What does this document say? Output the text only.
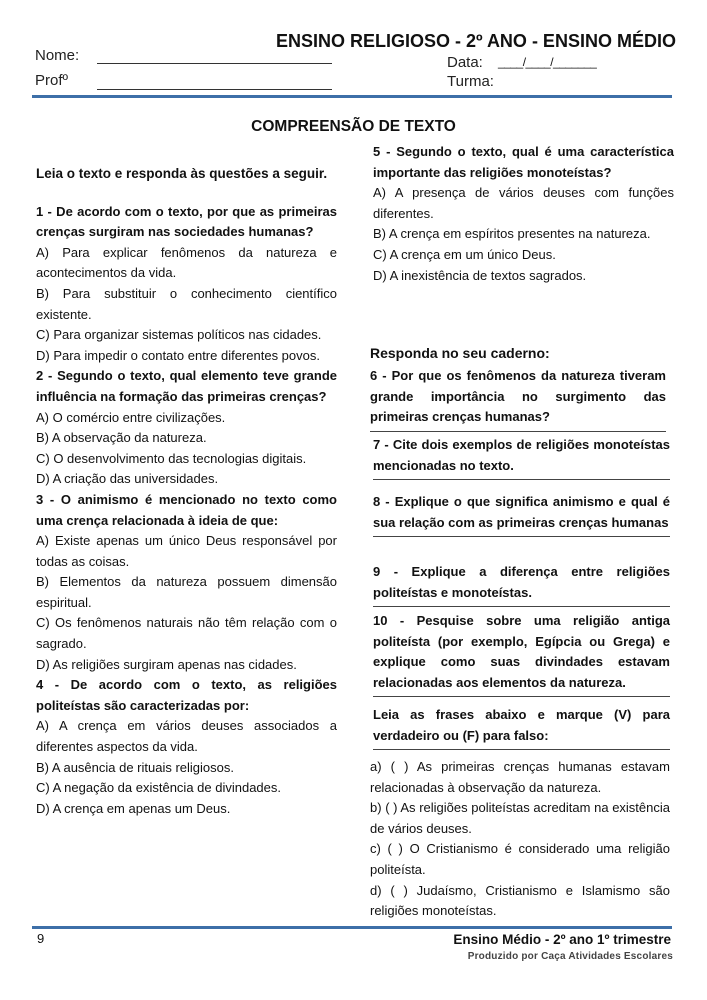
ENSINO RELIGIOSO - 2º ANO - ENSINO MÉDIO
Nome:
Profº
Data: ____/____/_______
Turma:
COMPREENSÃO DE TEXTO

Leia o texto e responda às questões a seguir.

1 - De acordo com o texto, por que as primeiras crenças surgiram nas sociedades humanas?

A) Para explicar fenômenos da natureza e acontecimentos da vida.

B) Para substituir o conhecimento científico existente.

C) Para organizar sistemas políticos nas cidades.

D) Para impedir o contato entre diferentes povos.

2 - Segundo o texto, qual elemento teve grande influência na formação das primeiras crenças?

A) O comércio entre civilizações.

B) A observação da natureza.

C) O desenvolvimento das tecnologias digitais.

D) A criação das universidades.

3 - O animismo é mencionado no texto como uma crença relacionada à ideia de que:

A) Existe apenas um único Deus responsável por todas as coisas.

B) Elementos da natureza possuem dimensão espiritual.

C) Os fenômenos naturais não têm relação com o sagrado.

D) As religiões surgiram apenas nas cidades.

4 - De acordo com o texto, as religiões politeístas são caracterizadas por:

A) A crença em vários deuses associados a diferentes aspectos da vida.

B) A ausência de rituais religiosos.

C) A negação da existência de divindades.

D) A crença em apenas um Deus.

5 - Segundo o texto, qual é uma característica importante das religiões monoteístas?

A) A presença de vários deuses com funções diferentes.

B) A crença em espíritos presentes na natureza.

C) A crença em um único Deus.

D) A inexistência de textos sagrados.

Responda no seu caderno:

6 - Por que os fenômenos da natureza tiveram grande importância no surgimento das primeiras crenças humanas?

7 - Cite dois exemplos de religiões monoteístas mencionadas no texto.

8 - Explique o que significa animismo e qual é sua relação com as primeiras crenças humanas

9 - Explique a diferença entre religiões politeístas e monoteístas.

10 - Pesquise sobre uma religião antiga politeísta (por exemplo, Egípcia ou Grega) e explique como suas divindades estavam relacionadas aos elementos da natureza.

Leia as frases abaixo e marque (V) para verdadeiro ou (F) para falso:

a) ( ) As primeiras crenças humanas estavam relacionadas à observação da natureza.

b) ( ) As religiões politeístas acreditam na existência de vários deuses.

c) ( ) O Cristianismo é considerado uma religião politeísta.

d) ( ) Judaísmo, Cristianismo e Islamismo são religiões monoteístas.

9	Ensino Médio - 2º ano 1º trimestre
Produzido por Caça Atividades Escolares
